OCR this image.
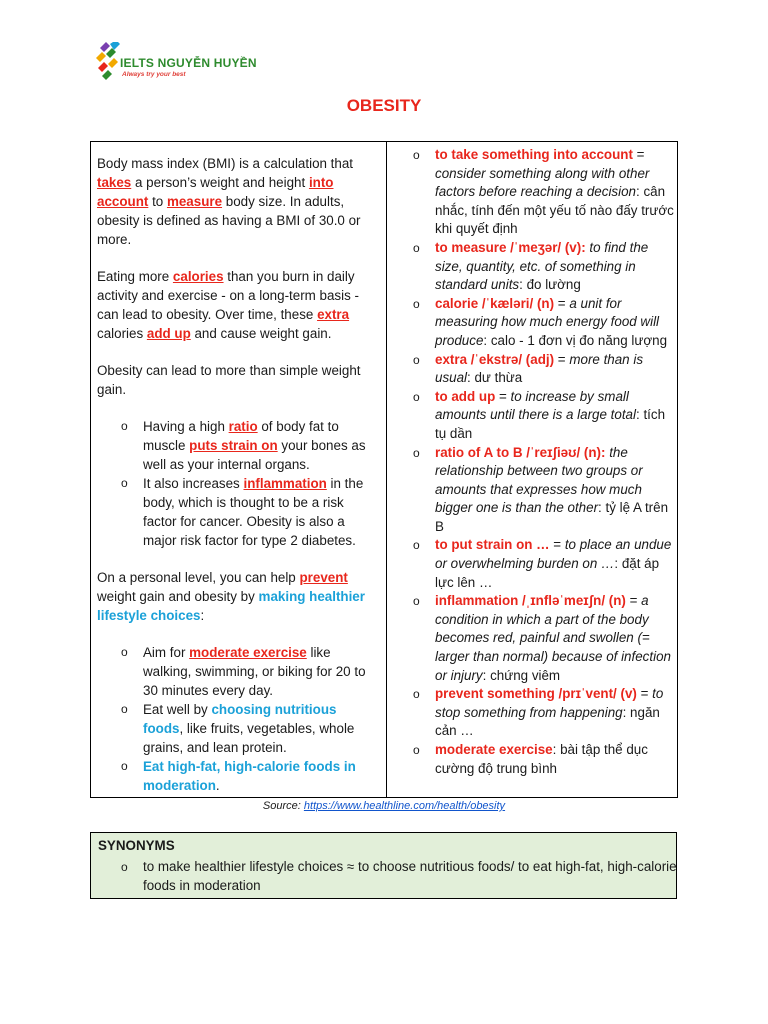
IELTS NGUYỄN HUYỀN
Always try your best
OBESITY

Body mass index (BMI) is a calculation that takes a person’s weight and height into account to measure body size. In adults, obesity is defined as having a BMI of 30.0 or more.

Eating more calories than you burn in daily activity and exercise - on a long-term basis - can lead to obesity. Over time, these extra calories add up and cause weight gain.

Obesity can lead to more than simple weight gain.

o Having a high ratio of body fat to muscle puts strain on your bones as well as your internal organs.
o It also increases inflammation in the body, which is thought to be a risk factor for cancer. Obesity is also a major risk factor for type 2 diabetes.

On a personal level, you can help prevent weight gain and obesity by making healthier lifestyle choices:

o Aim for moderate exercise like walking, swimming, or biking for 20 to 30 minutes every day.
o Eat well by choosing nutritious foods, like fruits, vegetables, whole grains, and lean protein.
o Eat high-fat, high-calorie foods in moderation.
o to take something into account = consider something along with other factors before reaching a decision: cân nhắc, tính đến một yếu tố nào đấy trước khi quyết định
o to measure /ˈmeʒər/ (v): to find the size, quantity, etc. of something in standard units: đo lường
o calorie /ˈkæləri/ (n) = a unit for measuring how much energy food will produce: calo - 1 đơn vị đo năng lượng
o extra /ˈekstrə/ (adj) = more than is usual: dư thừa
o to add up = to increase by small amounts until there is a large total: tích tụ dần
o ratio of A to B /ˈreɪʃiəʊ/ (n): the relationship between two groups or amounts that expresses how much bigger one is than the other: tỷ lệ A trên B
o to put strain on … = to place an undue or overwhelming burden on …: đặt áp lực lên …
o inflammation /ˌɪnfləˈmeɪʃn/ (n) = a condition in which a part of the body becomes red, painful and swollen (= larger than normal) because of infection or injury: chứng viêm
o prevent something /prɪˈvent/ (v) = to stop something from happening: ngăn cản …
o moderate exercise: bài tập thể dục cường độ trung bình
Source: https://www.healthline.com/health/obesity
SYNONYMS
o to make healthier lifestyle choices ≈ to choose nutritious foods/ to eat high-fat, high-calorie foods in moderation
